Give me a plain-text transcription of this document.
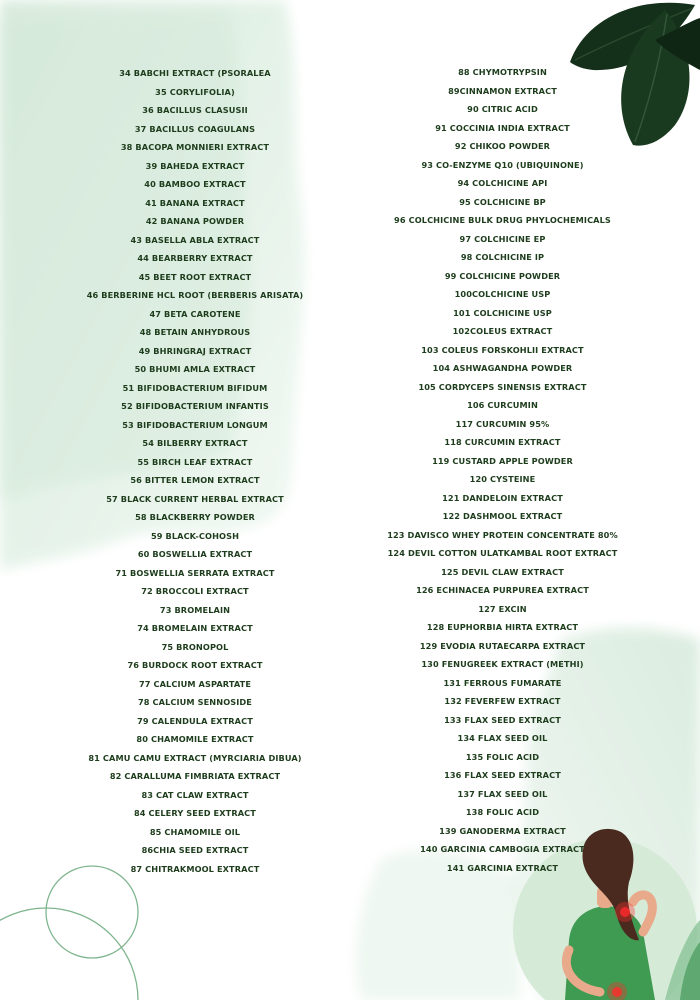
34 BABCHI EXTRACT (PSORALEA
35 CORYLIFOLIA)
36 BACILLUS CLASUSII
37 BACILLUS COAGULANS
38 BACOPA MONNIERI EXTRACT
39 BAHEDA EXTRACT
40 BAMBOO EXTRACT
41 BANANA EXTRACT
42 BANANA POWDER
43 BASELLA ABLA EXTRACT
44 BEARBERRY EXTRACT
45 BEET ROOT EXTRACT
46 BERBERINE HCL ROOT (BERBERIS ARISATA)
47 BETA CAROTENE
48 BETAIN ANHYDROUS
49 BHRINGRAJ EXTRACT
50 BHUMI AMLA EXTRACT
51 BIFIDOBACTERIUM BIFIDUM
52 BIFIDOBACTERIUM INFANTIS
53 BIFIDOBACTERIUM LONGUM
54 BILBERRY EXTRACT
55 BIRCH LEAF EXTRACT
56 BITTER LEMON EXTRACT
57 BLACK CURRENT HERBAL EXTRACT
58 BLACKBERRY POWDER
59 BLACK-COHOSH
60 BOSWELLIA EXTRACT
71 BOSWELLIA SERRATA EXTRACT
72 BROCCOLI EXTRACT
73 BROMELAIN
74 BROMELAIN EXTRACT
75 BRONOPOL
76 BURDOCK ROOT EXTRACT
77 CALCIUM ASPARTATE
78 CALCIUM SENNOSIDE
79 CALENDULA EXTRACT
80 CHAMOMILE EXTRACT
81 CAMU CAMU EXTRACT (MYRCIARIA DIBUA)
82 CARALLUMA FIMBRIATA EXTRACT
83 CAT CLAW EXTRACT
84 CELERY SEED EXTRACT
85 CHAMOMILE OIL
86CHIA SEED EXTRACT
87 CHITRAKMOOL EXTRACT
88 CHYMOTRYPSIN
89CINNAMON EXTRACT
90 CITRIC ACID
91 COCCINIA INDIA EXTRACT
92 CHIKOO POWDER
93 CO-ENZYME Q10 (UBIQUINONE)
94 COLCHICINE API
95 COLCHICINE BP
96 COLCHICINE BULK DRUG PHYLOCHEMICALS
97 COLCHICINE EP
98 COLCHICINE IP
99 COLCHICINE POWDER
100COLCHICINE USP
101 COLCHICINE USP
102COLEUS EXTRACT
103 COLEUS FORSKOHLII EXTRACT
104 ASHWAGANDHA POWDER
105 CORDYCEPS SINENSIS EXTRACT
106 CURCUMIN
117 CURCUMIN 95%
118 CURCUMIN EXTRACT
119 CUSTARD APPLE POWDER
120 CYSTEINE
121 DANDELOIN EXTRACT
122 DASHMOOL EXTRACT
123 DAVISCO WHEY PROTEIN CONCENTRATE 80%
124 DEVIL COTTON ULATKAMBAL ROOT EXTRACT
125 DEVIL CLAW EXTRACT
126 ECHINACEA PURPUREA EXTRACT
127 EXCIN
128 EUPHORBIA HIRTA EXTRACT
129 EVODIA RUTAECARPA EXTRACT
130 FENUGREEK EXTRACT (METHI)
131 FERROUS FUMARATE
132 FEVERFEW EXTRACT
133 FLAX SEED EXTRACT
134 FLAX SEED OIL
135 FOLIC ACID
136 FLAX SEED EXTRACT
137 FLAX SEED OIL
138 FOLIC ACID
139 GANODERMA EXTRACT
140 GARCINIA CAMBOGIA EXTRACT
141 GARCINIA EXTRACT
